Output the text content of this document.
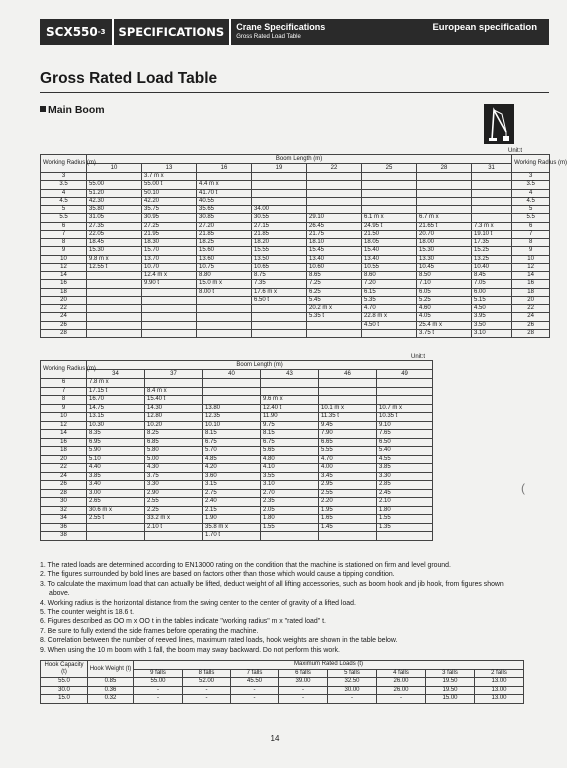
SCX550 -3	SPECIFICATIONS	Crane Specifications
Gross Rated Load Table
European specification
Gross Rated Load Table
Main Boom
Unit:t
Working Radius (m)	Boom Length (m)								Working Radius (m)
	10	13	16	19	22	25	28	31	
3		3.7 m x							3
3.5	55.00	55.00 t	4.4 m x						3.5
4	51.20	50.10	41.70 t						4
4.5	42.30	42.20	40.55						4.5
5	35.80	35.75	35.65	34.00					5
5.5	31.05	30.95	30.85	30.55	29.10	6.1 m x	6.7 m x		5.5
6	27.35	27.25	27.20	27.15	26.45	24.95 t	21.65 t	7.3 m x	6
7	22.05	21.95	21.85	21.85	21.75	21.50	20.70	19.10 t	7
8	18.45	18.30	18.25	18.20	18.10	18.05	18.00	17.35	8
9	15.30	15.70	15.60	15.55	15.45	15.40	15.30	15.25	9
10	9.8 m x	13.70	13.60	13.50	13.40	13.40	13.30	13.25	10
12	12.55 t	10.70	10.75	10.65	10.60	10.55	10.45	10.40	12
14		12.4 m x	8.80	8.75	8.65	8.60	8.50	8.45	14
16		9.90 t	15.0 m x	7.35	7.25	7.20	7.10	7.05	16
18			8.00 t	17.6 m x	6.25	6.15	6.05	6.00	18
20				6.50 t	5.45	5.35	5.25	5.15	20
22					20.2 m x	4.70	4.60	4.50	22
24					5.35 t	22.8 m x	4.05	3.95	24
26						4.50 t	25.4 m x	3.50	26
28							3.75 t	3.10	28
Unit:t
Working Radius (m)	Boom Length (m)	
	34	37	40	43	46	49	
6	7.8 m x						
7	17.15 t	8.4 m x					
8	16.70	15.40 t		9.6 m x			
9	14.75	14.30	13.80	12.40 t	10.1 m x	10.7 m x	
10	13.15	12.80	12.35	11.90	11.35 t	10.35 t	
12	10.30	10.20	10.10	9.75	9.45	9.10	
14	8.35	8.25	8.15	8.15	7.90	7.65	
16	6.95	6.85	6.75	6.75	6.65	6.50	
18	5.90	5.80	5.70	5.65	5.55	5.40	
20	5.10	5.00	4.85	4.80	4.70	4.55	
22	4.40	4.30	4.20	4.10	4.00	3.85	
24	3.85	3.75	3.60	3.55	3.45	3.30	
26	3.40	3.30	3.15	3.10	2.95	2.85	
28	3.00	2.90	2.75	2.70	2.55	2.45	
30	2.65	2.55	2.40	2.35	2.20	2.10	
32	30.6 m x	2.25	2.15	2.05	1.95	1.80	
34	2.55 t	33.2 m x	1.90	1.80	1.65	1.55	
36		2.10 t	35.8 m x	1.55	1.45	1.35	
38			1.70 t				

1. The rated loads are determined according to EN13000 rating on the condition that the machine is stationed on firm and level ground.

2. The figures surrounded by bold lines are based on factors other than those which would cause a tipping condition.

3. To calculate the maximum load that can actually be lifted, deduct weight of all lifting accessories, such as boom hook and jib hook, from figures shown above.

4. Working radius is the horizontal distance from the swing center to the center of gravity of a lifted load.

5. The counter weight is 18.6 t.

6. Figures described as OO m x OO t in the tables indicate "working radius" m x "rated load" t.

7. Be sure to fully extend the side frames before operating the machine.

8. Correlation between the number of reeved lines, maximum rated loads, hook weights are shown in the table below.

9. When using the 10 m boom with 1 fall, the boom may sway backward. Do not perform this work.

Hook Capacity (t)	Hook Weight (t)	Maximum Rated Loads (t)							
		9 falls	8 falls	7 falls	6 falls	5 falls	4 falls	3 falls	2 falls
55.0	0.85	55.00	52.00	45.50	39.00	32.50	26.00	19.50	13.00
30.0	0.36	-	-	-	-	30.00	26.00	19.50	13.00
15.0	0.32	-	-	-	-	-	-	15.00	13.00
14
(
